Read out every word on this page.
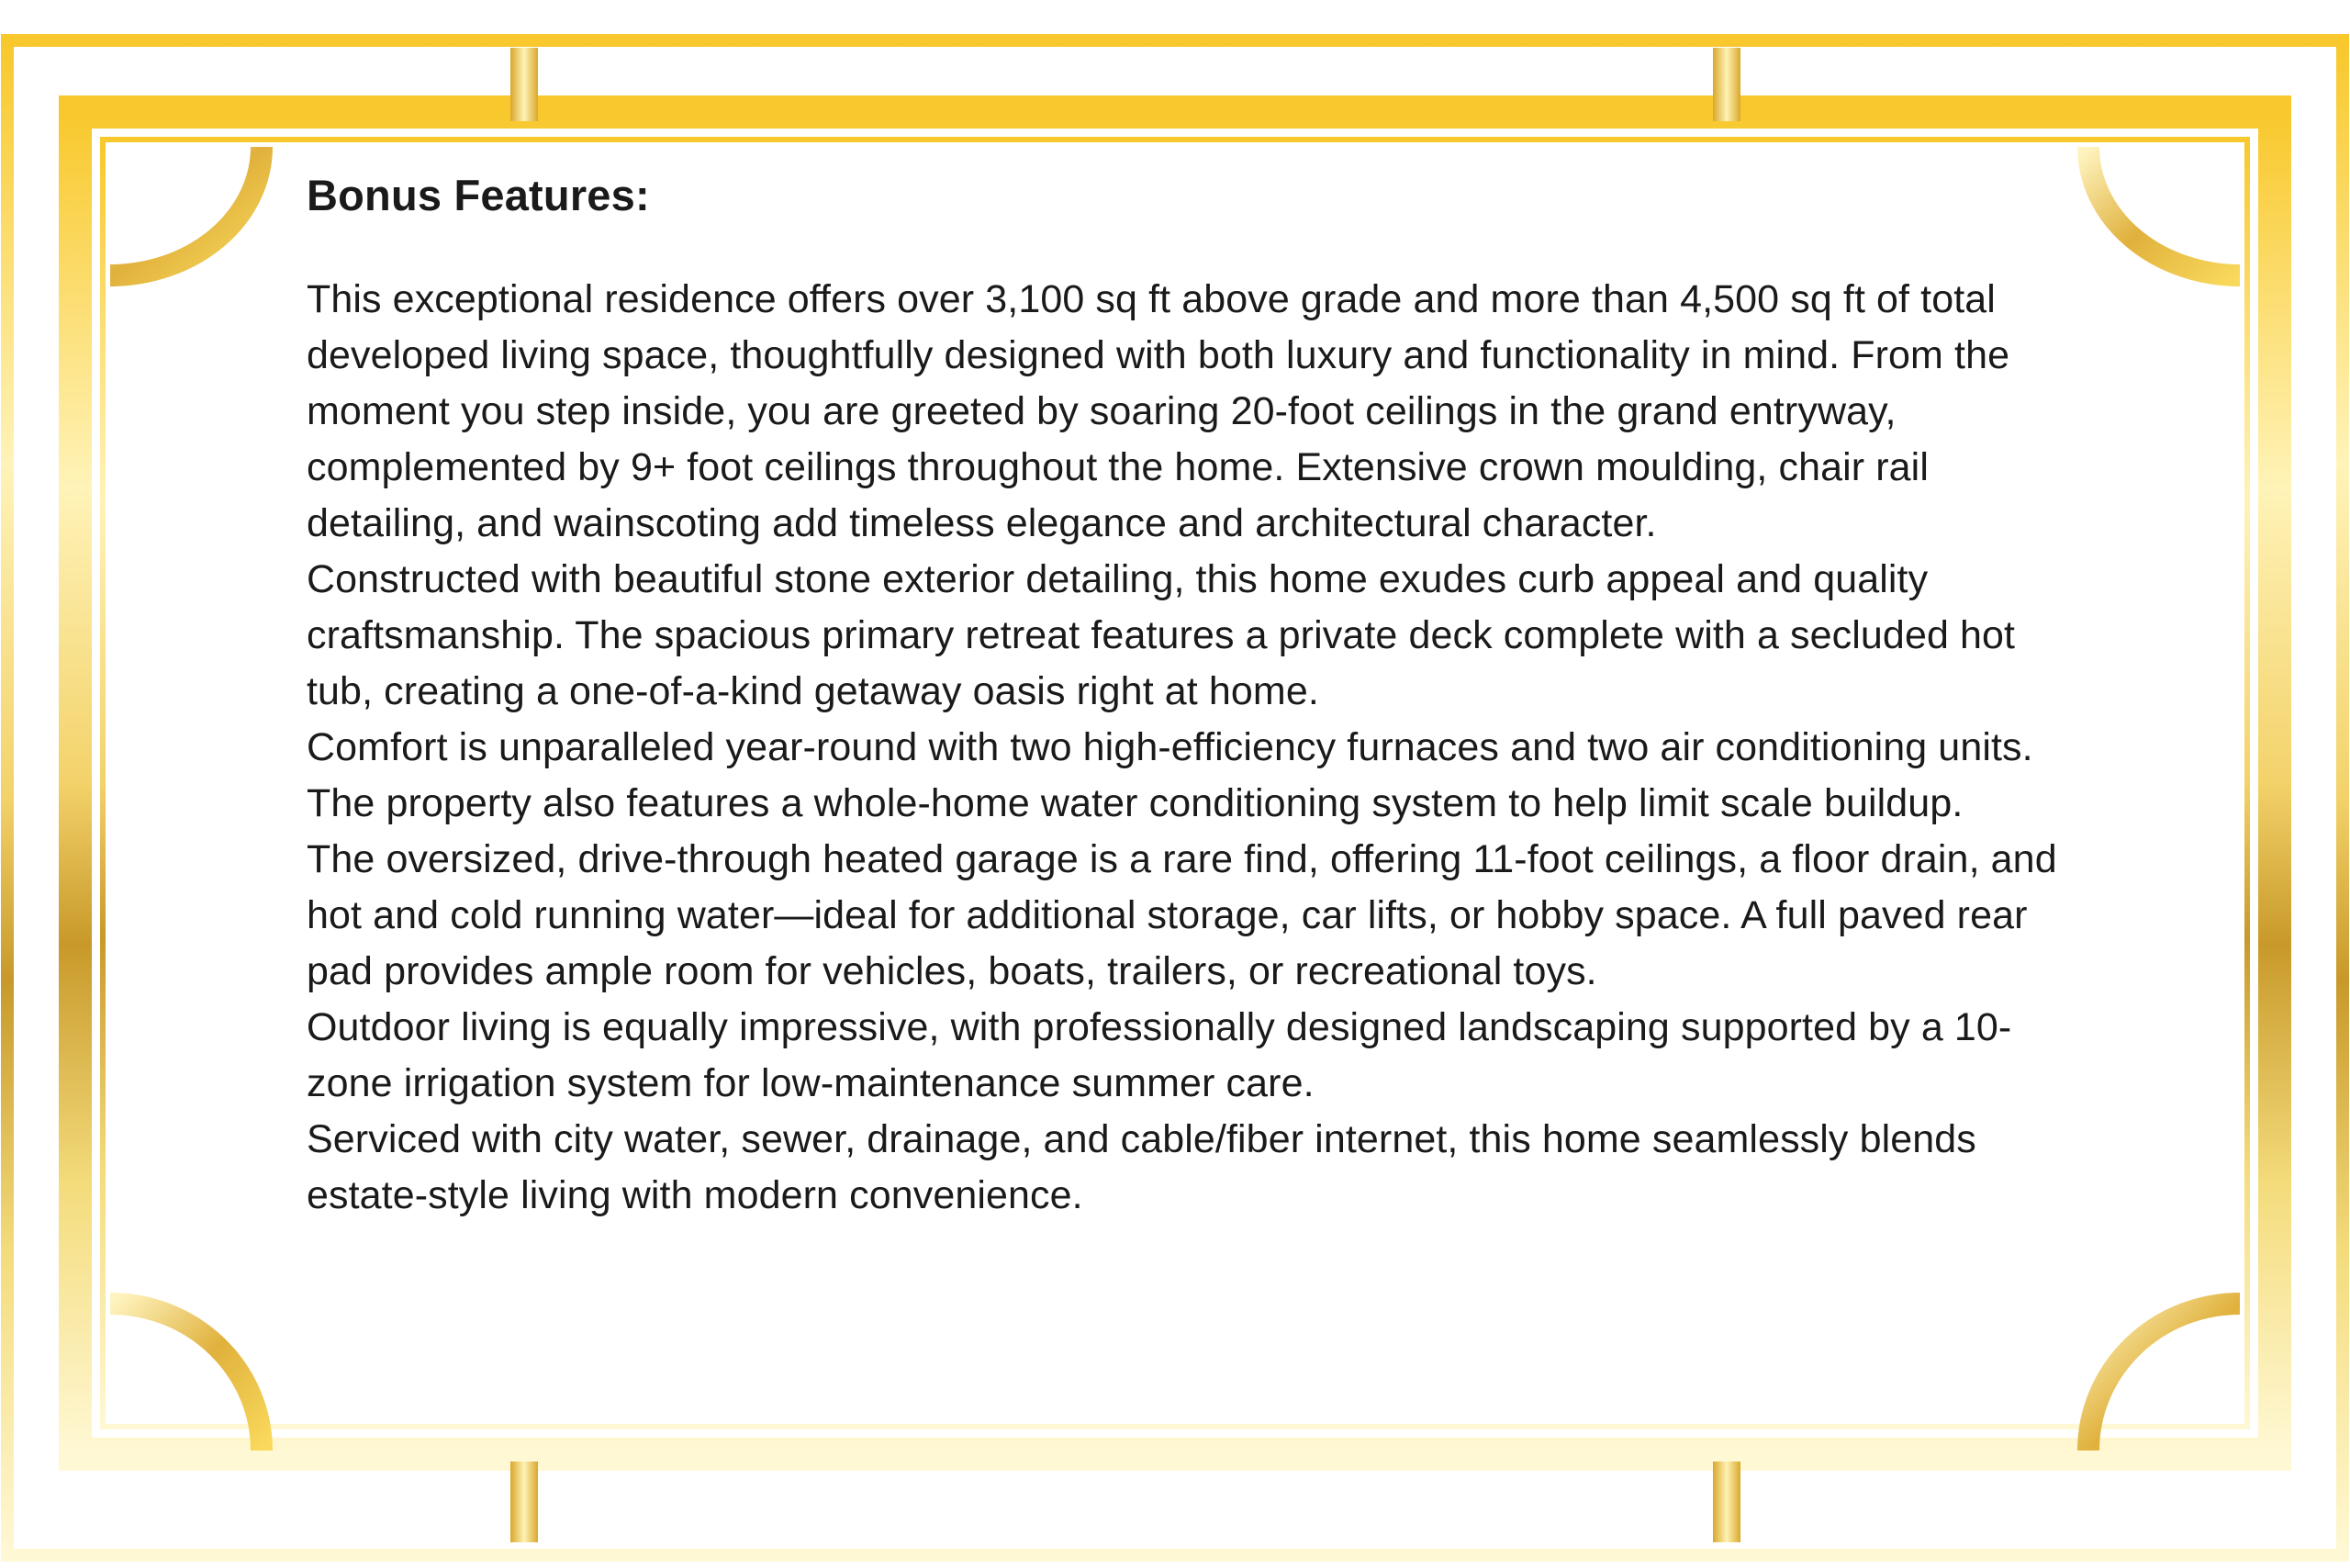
Bonus Features:

This exceptional residence offers over 3,100 sq ft above grade and more than 4,500 sq ft of total developed living space, thoughtfully designed with both luxury and functionality in mind. From the moment you step inside, you are greeted by soaring 20-foot ceilings in the grand entryway, complemented by 9+ foot ceilings throughout the home. Extensive crown moulding, chair rail detailing, and wainscoting add timeless elegance and architectural character.

Constructed with beautiful stone exterior detailing, this home exudes curb appeal and quality craftsmanship. The spacious primary retreat features a private deck complete with a secluded hot tub, creating a one-of-a-kind getaway oasis right at home.

Comfort is unparalleled year-round with two high-efficiency furnaces and two air conditioning units. The property also features a whole-home water conditioning system to help limit scale buildup.

The oversized, drive-through heated garage is a rare find, offering 11-foot ceilings, a floor drain, and hot and cold running water—ideal for additional storage, car lifts, or hobby space. A full paved rear pad provides ample room for vehicles, boats, trailers, or recreational toys.

Outdoor living is equally impressive, with professionally designed landscaping supported by a 10-zone irrigation system for low-maintenance summer care.

Serviced with city water, sewer, drainage, and cable/fiber internet, this home seamlessly blends estate-style living with modern convenience.
